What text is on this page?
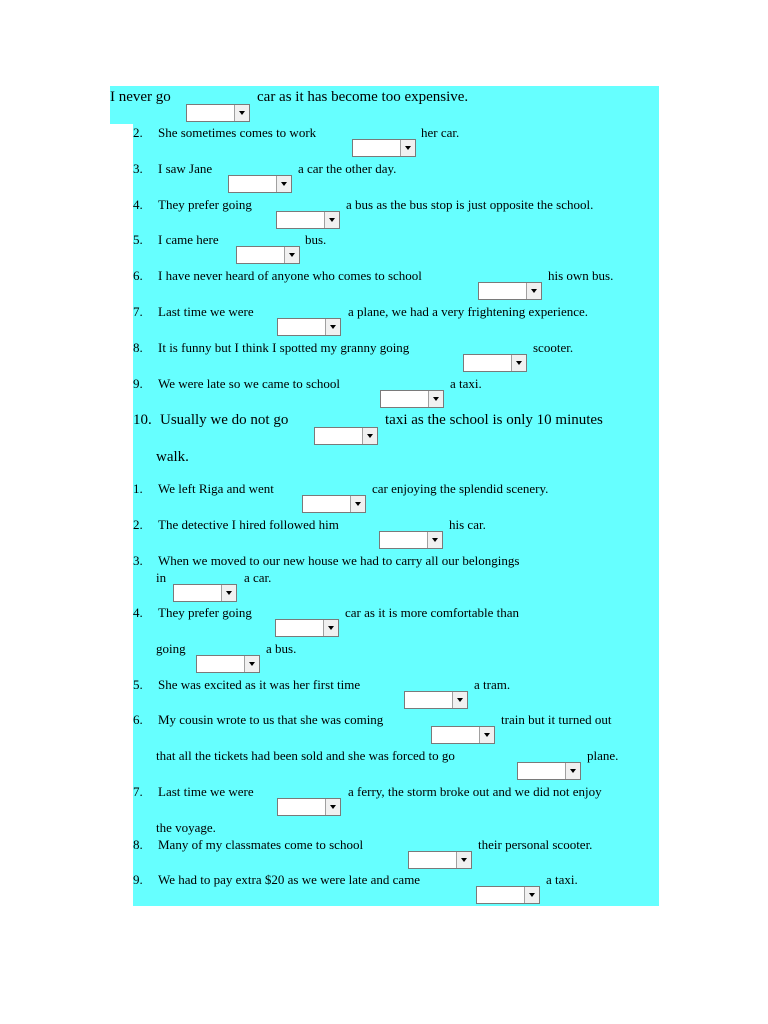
I never go	car as it has become too expensive.
2. She sometimes comes to work	her car.
3. I saw Jane	a car the other day.
4. They prefer going	a bus as the bus stop is just opposite the school.
5. I came here	bus.
6. I have never heard of anyone who comes to school	his own bus.
7. Last time we were	a plane, we had a very frightening experience.
8. It is funny but I think I spotted my granny going	scooter.
9. We were late so we came to school	a taxi.
10. Usually we do not go	taxi as the school is only 10 minutes
walk.
1. We left Riga and went	car enjoying the splendid scenery.
2. The detective I hired followed him	his car.
3. When we moved to our new house we had to carry all our belongings
in	a car.
4. They prefer going	car as it is more comfortable than
going	a bus.
5. She was excited as it was her first time	a tram.
6. My cousin wrote to us that she was coming	train but it turned out
that all the tickets had been sold and she was forced to go	plane.
7. Last time we were	a ferry, the storm broke out and we did not enjoy
the voyage.
8. Many of my classmates come to school	their personal scooter.
9. We had to pay extra $20 as we were late and came	a taxi.
